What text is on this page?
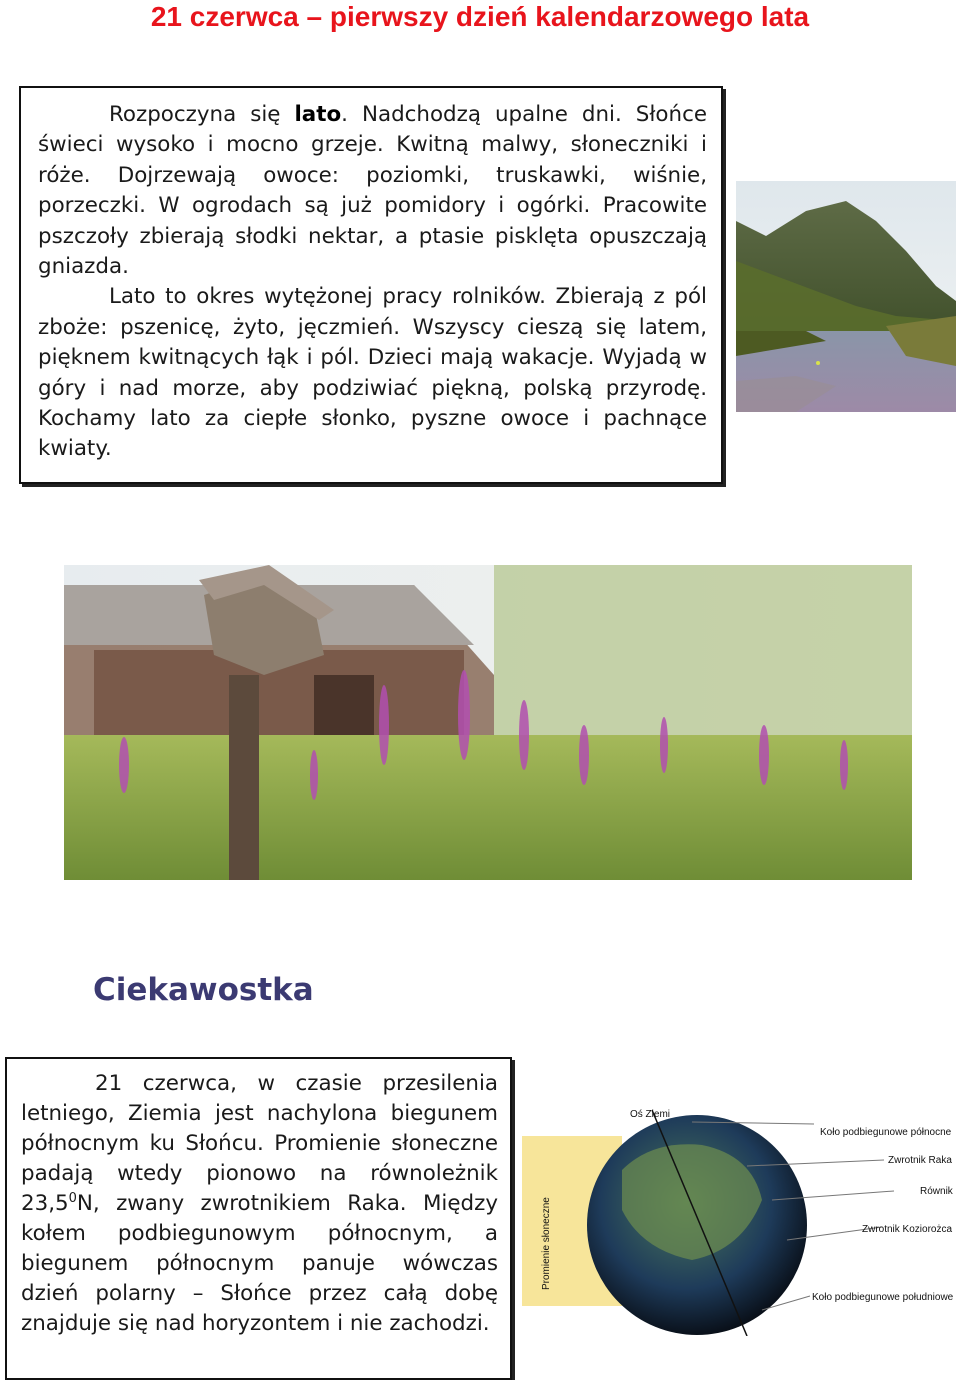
21 czerwca – pierwszy dzień kalendarzowego lata
Rozpoczyna się lato. Nadchodzą upalne dni. Słońce świeci wysoko i mocno grzeje. Kwitną malwy, słoneczniki i róże. Dojrzewają owoce: poziomki, truskawki, wiśnie, porzeczki. W ogrodach są już pomidory i ogórki. Pracowite pszczoły zbierają słodki nektar, a ptasie pisklęta opuszczają gniazda.
Lato to okres wytężonej pracy rolników. Zbierają z pól zboże: pszenicę, żyto, jęczmień. Wszyscy cieszą się latem, pięknem kwitnących łąk i pól. Dzieci mają wakacje. Wyjadą w góry i nad morze, aby podziwiać piękną, polską przyrodę. Kochamy lato za ciepłe słonko, pyszne owoce i pachnące kwiaty.
Ciekawostka
21 czerwca, w czasie przesilenia letniego, Ziemia jest nachylona biegunem północnym ku Słońcu. Promienie słoneczne padają wtedy pionowo na równoleżnik 23,5$^0$N, zwany zwrotnikiem Raka. Między kołem podbiegunowym północnym, a biegunem północnym panuje wówczas dzień polarny – Słońce przez całą dobę znajduje się nad horyzontem i nie zachodzi.
Promienie słoneczne
Oś Ziemi
Koło podbiegunowe północne
Zwrotnik Raka
Równik
Zwrotnik Koziorożca
Koło podbiegunowe południowe
